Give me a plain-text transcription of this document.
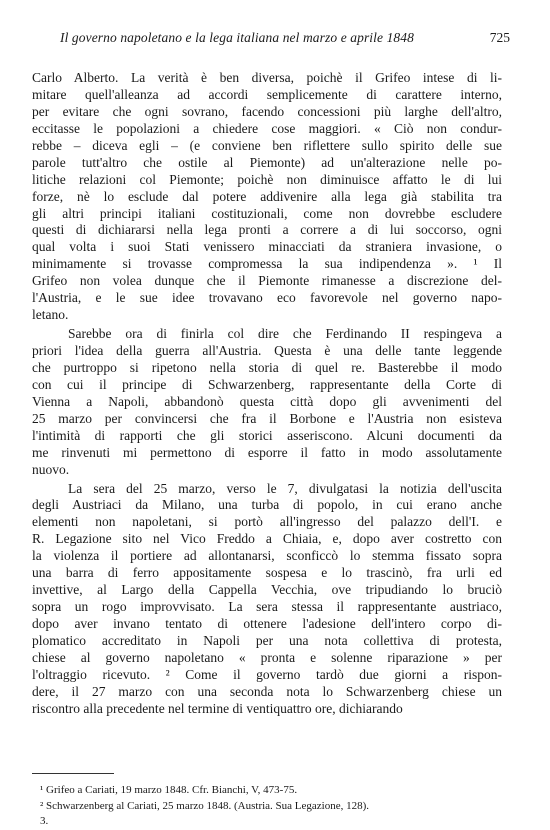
Il governo napoletano e la lega italiana nel marzo e aprile 1848	725
Carlo Alberto. La verità è ben diversa, poichè il Grifeo intese di li-
mitare quell'alleanza ad accordi semplicemente di carattere interno,
per evitare che ogni sovrano, facendo concessioni più larghe dell'altro,
eccitasse le popolazioni a chiedere cose maggiori. « Ciò non condur-
rebbe – diceva egli – (e conviene ben riflettere sullo spirito delle sue
parole tutt'altro che ostile al Piemonte) ad un'alterazione nelle po-
litiche relazioni col Piemonte; poichè non diminuisce affatto le di lui
forze, nè lo esclude dal potere addivenire alla lega già stabilita tra
gli altri principi italiani costituzionali, come non dovrebbe escludere
questi di dichiararsi nella lega pronti a correre a di lui soccorso, ogni
qual volta i suoi Stati venissero minacciati da straniera invasione, o
minimamente si trovasse compromessa la sua indipendenza ». ¹ Il
Grifeo non volea dunque che il Piemonte rimanesse a discrezione del-
l'Austria, e le sue idee trovavano eco favorevole nel governo napo-
letano.
Sarebbe ora di finirla col dire che Ferdinando II respingeva a
priori l'idea della guerra all'Austria. Questa è una delle tante leggende
che purtroppo si ripetono nella storia di quel re. Basterebbe il modo
con cui il principe di Schwarzenberg, rappresentante della Corte di
Vienna a Napoli, abbandonò questa città dopo gli avvenimenti del
25 marzo per convincersi che fra il Borbone e l'Austria non esisteva
l'intimità di rapporti che gli storici asseriscono. Alcuni documenti da
me rinvenuti mi permettono di esporre il fatto in modo assolutamente
nuovo.
La sera del 25 marzo, verso le 7, divulgatasi la notizia dell'uscita
degli Austriaci da Milano, una turba di popolo, in cui erano anche
elementi non napoletani, si portò all'ingresso del palazzo dell'I. e
R. Legazione sito nel Vico Freddo a Chiaia, e, dopo aver costretto con
la violenza il portiere ad allontanarsi, sconficcò lo stemma fissato sopra
una barra di ferro appositamente sospesa e lo trascinò, fra urli ed
invettive, al Largo della Cappella Vecchia, ove tripudiando lo bruciò
sopra un rogo improvvisato. La sera stessa il rappresentante austriaco,
dopo aver invano tentato di ottenere l'adesione dell'intero corpo di-
plomatico accreditato in Napoli per una nota collettiva di protesta,
chiese al governo napoletano « pronta e solenne riparazione » per
l'oltraggio ricevuto. ² Come il governo tardò due giorni a rispon-
dere, il 27 marzo con una seconda nota lo Schwarzenberg chiese un
riscontro alla precedente nel termine di ventiquattro ore, dichiarando
¹ Grifeo a Cariati, 19 marzo 1848. Cfr. Bianchi, V, 473-75.
² Schwarzenberg al Cariati, 25 marzo 1848. (Austria. Sua Legazione, 128).
3.
